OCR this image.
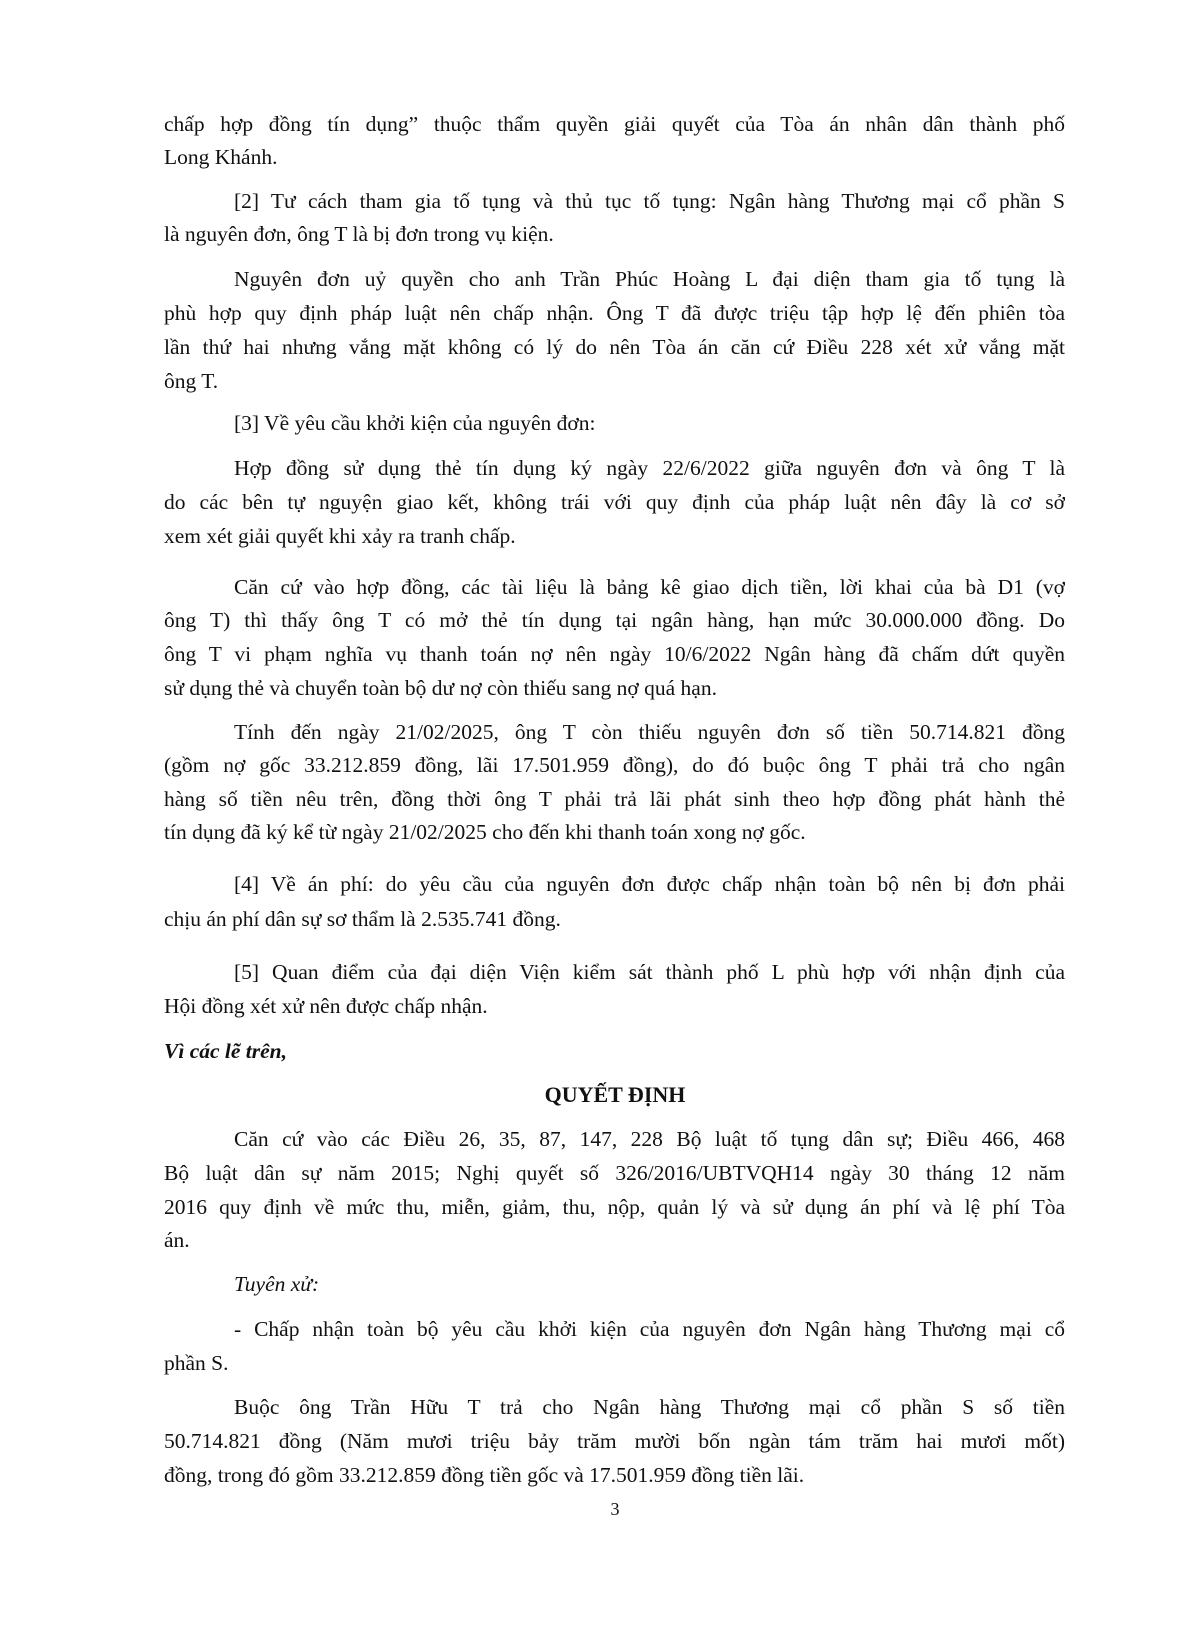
chấp hợp đồng tín dụng” thuộc thẩm quyền giải quyết của Tòa án nhân dân thành phố
Long Khánh.
[2] Tư cách tham gia tố tụng và thủ tục tố tụng: Ngân hàng Thương mại cổ phần S
là nguyên đơn, ông T là bị đơn trong vụ kiện.
Nguyên đơn uỷ quyền cho anh Trần Phúc Hoàng L đại diện tham gia tố tụng là
phù hợp quy định pháp luật nên chấp nhận. Ông T đã được triệu tập hợp lệ đến phiên tòa
lần thứ hai nhưng vắng mặt không có lý do nên Tòa án căn cứ Điều 228 xét xử vắng mặt
ông T.
[3] Về yêu cầu khởi kiện của nguyên đơn:
Hợp đồng sử dụng thẻ tín dụng ký ngày 22/6/2022 giữa nguyên đơn và ông T là
do các bên tự nguyện giao kết, không trái với quy định của pháp luật nên đây là cơ sở
xem xét giải quyết khi xảy ra tranh chấp.
Căn cứ vào hợp đồng, các tài liệu là bảng kê giao dịch tiền, lời khai của bà D1 (vợ
ông T) thì thấy ông T có mở thẻ tín dụng tại ngân hàng, hạn mức 30.000.000 đồng. Do
ông T vi phạm nghĩa vụ thanh toán nợ nên ngày 10/6/2022 Ngân hàng đã chấm dứt quyền
sử dụng thẻ và chuyển toàn bộ dư nợ còn thiếu sang nợ quá hạn.
Tính đến ngày 21/02/2025, ông T còn thiếu nguyên đơn số tiền 50.714.821 đồng
(gồm nợ gốc 33.212.859 đồng, lãi 17.501.959 đồng), do đó buộc ông T phải trả cho ngân
hàng số tiền nêu trên, đồng thời ông T phải trả lãi phát sinh theo hợp đồng phát hành thẻ
tín dụng đã ký kể từ ngày 21/02/2025 cho đến khi thanh toán xong nợ gốc.
[4] Về án phí: do yêu cầu của nguyên đơn được chấp nhận toàn bộ nên bị đơn phải
chịu án phí dân sự sơ thẩm là 2.535.741 đồng.
[5] Quan điểm của đại diện Viện kiểm sát thành phố L phù hợp với nhận định của
Hội đồng xét xử nên được chấp nhận.
Vì các lẽ trên,
QUYẾT ĐỊNH
Căn cứ vào các Điều 26, 35, 87, 147, 228 Bộ luật tố tụng dân sự; Điều 466, 468
Bộ luật dân sự năm 2015; Nghị quyết số 326/2016/UBTVQH14 ngày 30 tháng 12 năm
2016 quy định về mức thu, miễn, giảm, thu, nộp, quản lý và sử dụng án phí và lệ phí Tòa
án.
Tuyên xử:
- Chấp nhận toàn bộ yêu cầu khởi kiện của nguyên đơn Ngân hàng Thương mại cổ
phần S.
Buộc ông Trần Hữu T trả cho Ngân hàng Thương mại cổ phần S số tiền
50.714.821 đồng (Năm mươi triệu bảy trăm mười bốn ngàn tám trăm hai mươi mốt)
đồng, trong đó gồm 33.212.859 đồng tiền gốc và 17.501.959 đồng tiền lãi.
3
